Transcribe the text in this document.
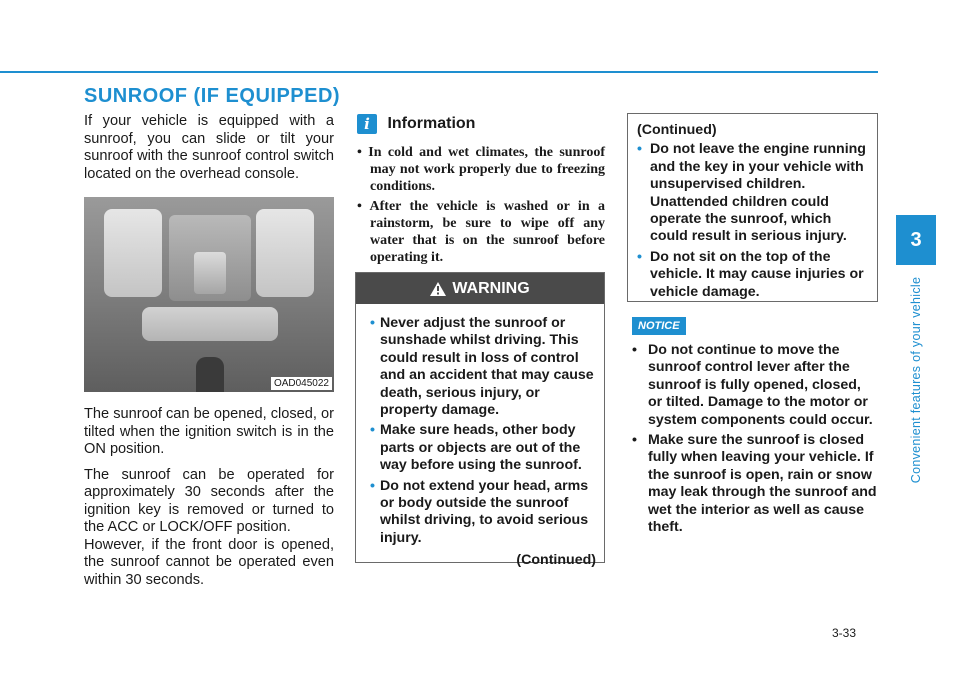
SUNROOF (IF EQUIPPED)

If your vehicle is equipped with a sunroof, you can slide or tilt your sunroof with the sunroof control switch located on the overhead console.

OAD045022

The sunroof can be opened, closed, or tilted when the ignition switch is in the ON position.

The sunroof can be operated for approximately 30 seconds after the ignition key is removed or turned to the ACC or LOCK/OFF position.

However, if the front door is opened, the sunroof cannot be operated even within 30 seconds.

i Information
• In cold and wet climates, the sunroof may not work properly due to freezing conditions.
• After the vehicle is washed or in a rainstorm, be sure to wipe off any water that is on the sunroof before operating it.
WARNING
• Never adjust the sunroof or sunshade whilst driving. This could result in loss of control and an accident that may cause death, serious injury, or property damage.
• Make sure heads, other body parts or objects are out of the way before using the sunroof.
• Do not extend your head, arms or body outside the sunroof whilst driving, to avoid serious injury.
(Continued)
(Continued)
• Do not leave the engine running and the key in your vehicle with unsupervised children. Unattended children could operate the sunroof, which could result in serious injury.
• Do not sit on the top of the vehicle. It may cause injuries or vehicle damage.
NOTICE
• Do not continue to move the sunroof control lever after the sunroof is fully opened, closed, or tilted. Damage to the motor or system components could occur.
• Make sure the sunroof is closed fully when leaving your vehicle. If the sunroof is open, rain or snow may leak through the sunroof and wet the interior as well as cause theft.
3
Convenient features of your vehicle
3-33
